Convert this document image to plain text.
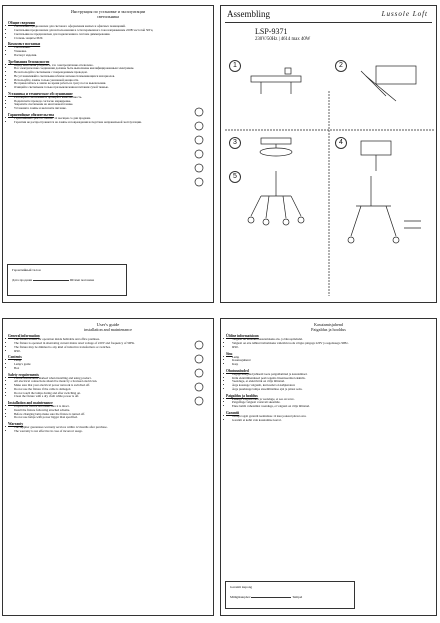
Инструкция по установке и эксплуатации светильника
Общие сведения
• Светильник предназначен для светового оформления жилых и офисных помещений.
• Светильник предназначен для использования в сети переменного тока напряжением 220В частотой 50Гц.
• Светильник не предназначен для подключения к системе диммирования.
• Степень защиты IP20.
Комплект поставки
• Светильник.
• Упаковка.
• Паспорт изделия.
Требования безопасности
• Перед монтажом убедитесь, что электропитание отключено.
• Все электрические соединения должны быть выполнены квалифицированным электриком.
• Не используйте светильник с поврежденным проводом.
• Не устанавливайте светильник вблизи легковоспламеняющихся материалов.
• Используйте лампы только указанной мощности.
• Не прикасайтесь к лампе во время работы и сразу после выключения.
• Очищайте светильник только при выключенном питании сухой тканью.
Установка и техническое обслуживание
• Распакуйте светильник и проверьте комплектность.
• Подключите провода согласно маркировке.
• Закрепите светильник на монтажной планке.
• Установите лампы и включите питание.
Гарантийные обязательства
• Гарантийный срок составляет 12 месяцев со дня продажи.
• Гарантия не распространяется на лампы и повреждения вследствие неправильной эксплуатации.
Гарантийный талон
Дата продажи	Штамп магазина
Assembling	Lussole Loft
LSP-9371
230V/50Hz | 4614 max 40W
1	2
3	4
5
User's guide
installation and maintenance
General information
• The fixture is used for operation inside habitable and office premises.
• The fixture is operated in alternating current mains rated voltage of 220V and frequency of 50Hz.
• The fixture may be dimmed to any kind of inductive transformers or switches.
• IP20.
Contents
• Lamp
• Lamp's guide
• Box
Safety requirements
• Follow instructions marked when installing and using product.
• All electrical connections should be made by a licensed electrician.
• Make sure that your electrical power network is switched off.
• Do not use the fixture if the cable is damaged.
• Do not touch the lamps during and after switching on.
• Clean the fixture with a dry cloth while power is off.
Installation and maintenance
• Unpack the fixture and make sure it is intact.
• Install the fixture following attached scheme.
• Before changing lamp make sure the fixture is turned off.
• Do not use lamps with power bigger than specified.
Warranty
• The supplier guarantees warranty services within 12 months after purchase.
• The warranty is not effective in case of incorrect usage.
Kasutamisjuhend
Paigaldus ja hooldus
Üldine informatsioon
• Valgusti on mõeldud kasutamiseks elu- ja büroopindadel.
• Valgusti on ette nähtud töötamiseks vahelduvvoolu võrgus pingega 220V ja sagedusega 50Hz.
• IP20.
Sisu
• Lamp
• Kasutusjuhend
• Karp
Ohutusnõuded
• Järgige märgitud juhiseid toote paigaldamisel ja kasutamisel.
• Kõik elektriühendused peab tegema litsentseeritud elektrik.
• Veenduge, et elektrivõrk on välja lülitatud.
• Ärge kasutage valgustit, kui kaabel on kahjustatud.
• Ärge puudutage lampe sisselülitamise ajal ja pärast seda.
Paigaldus ja hooldus
• Pakkige valgusti lahti ja veenduge, et see on terve.
• Paigaldage valgusti vastavalt skeemile.
• Enne lambi vahetamist veenduge, et valgusti on välja lülitatud.
Garantii
• Tarnija tagab garantii teeninduse 12 kuu jooksul pärast ostu.
• Garantii ei kehti vale kasutamise korral.
Garantii kupong
Müügikuupäev	Tempel
